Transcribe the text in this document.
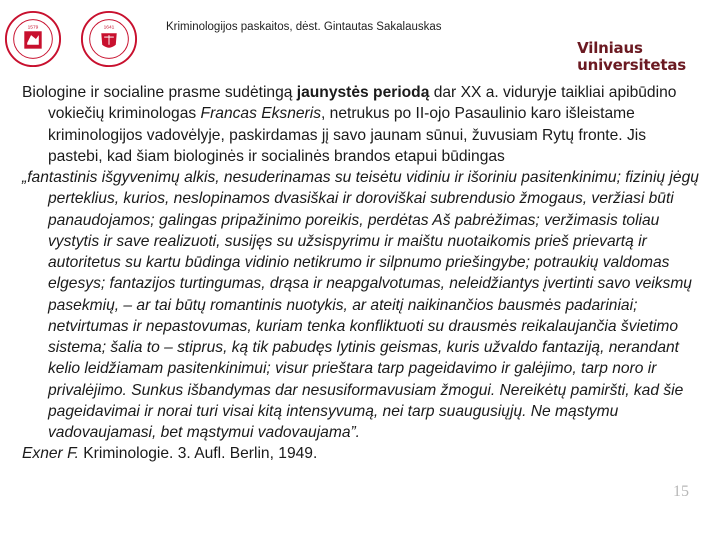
1579	1641	Kriminologijos paskaitos, dėst. Gintautas Sakalauskas
Vilniaus
universitetas

Biologine ir socialine prasme sudėtingą jaunystės periodą dar XX a. viduryje taikliai apibūdino vokiečių kriminologas Francas Eksneris, netrukus po II-ojo Pasaulinio karo išleistame kriminologijos vadovėlyje, paskirdamas jį savo jaunam sūnui, žuvusiam Rytų fronte. Jis pastebi, kad šiam biologinės ir socialinės brandos etapui būdingas

„fantastinis išgyvenimų alkis, nesuderinamas su teisėtu vidiniu ir išoriniu pasitenkinimu; fizinių jėgų perteklius, kurios, neslopinamos dvasiškai ir doroviškai subrendusio žmogaus, veržiasi būti panaudojamos; galingas pripažinimo poreikis, perdėtas Aš pabrėžimas; veržimasis toliau vystytis ir save realizuoti, susijęs su užsispyrimu ir maištu nuotaikomis prieš prievartą ir autoritetus su kartu būdinga vidinio netikrumo ir silpnumo priešingybe; potraukių valdomas elgesys; fantazijos turtingumas, drąsa ir neapgalvotumas, neleidžiantys įvertinti savo veiksmų pasekmių, – ar tai būtų romantinis nuotykis, ar ateitį naikinančios bausmės padariniai; netvirtumas ir nepastovumas, kuriam tenka konfliktuoti su drausmės reikalaujančia švietimo sistema; šalia to – stiprus, ką tik pabudęs lytinis geismas, kuris užvaldo fantaziją, nerandant kelio leidžiamam pasitenkinimui; visur prieštara tarp pageidavimo ir galėjimo, tarp noro ir privalėjimo. Sunkus išbandymas dar nesusiformavusiam žmogui. Nereikėtų pamiršti, kad šie pageidavimai ir norai turi visai kitą intensyvumą, nei tarp suaugusiųjų. Ne mąstymu vadovaujamasi, bet mąstymui vadovaujama”.

Exner F. Kriminologie. 3. Aufl. Berlin, 1949.

15
